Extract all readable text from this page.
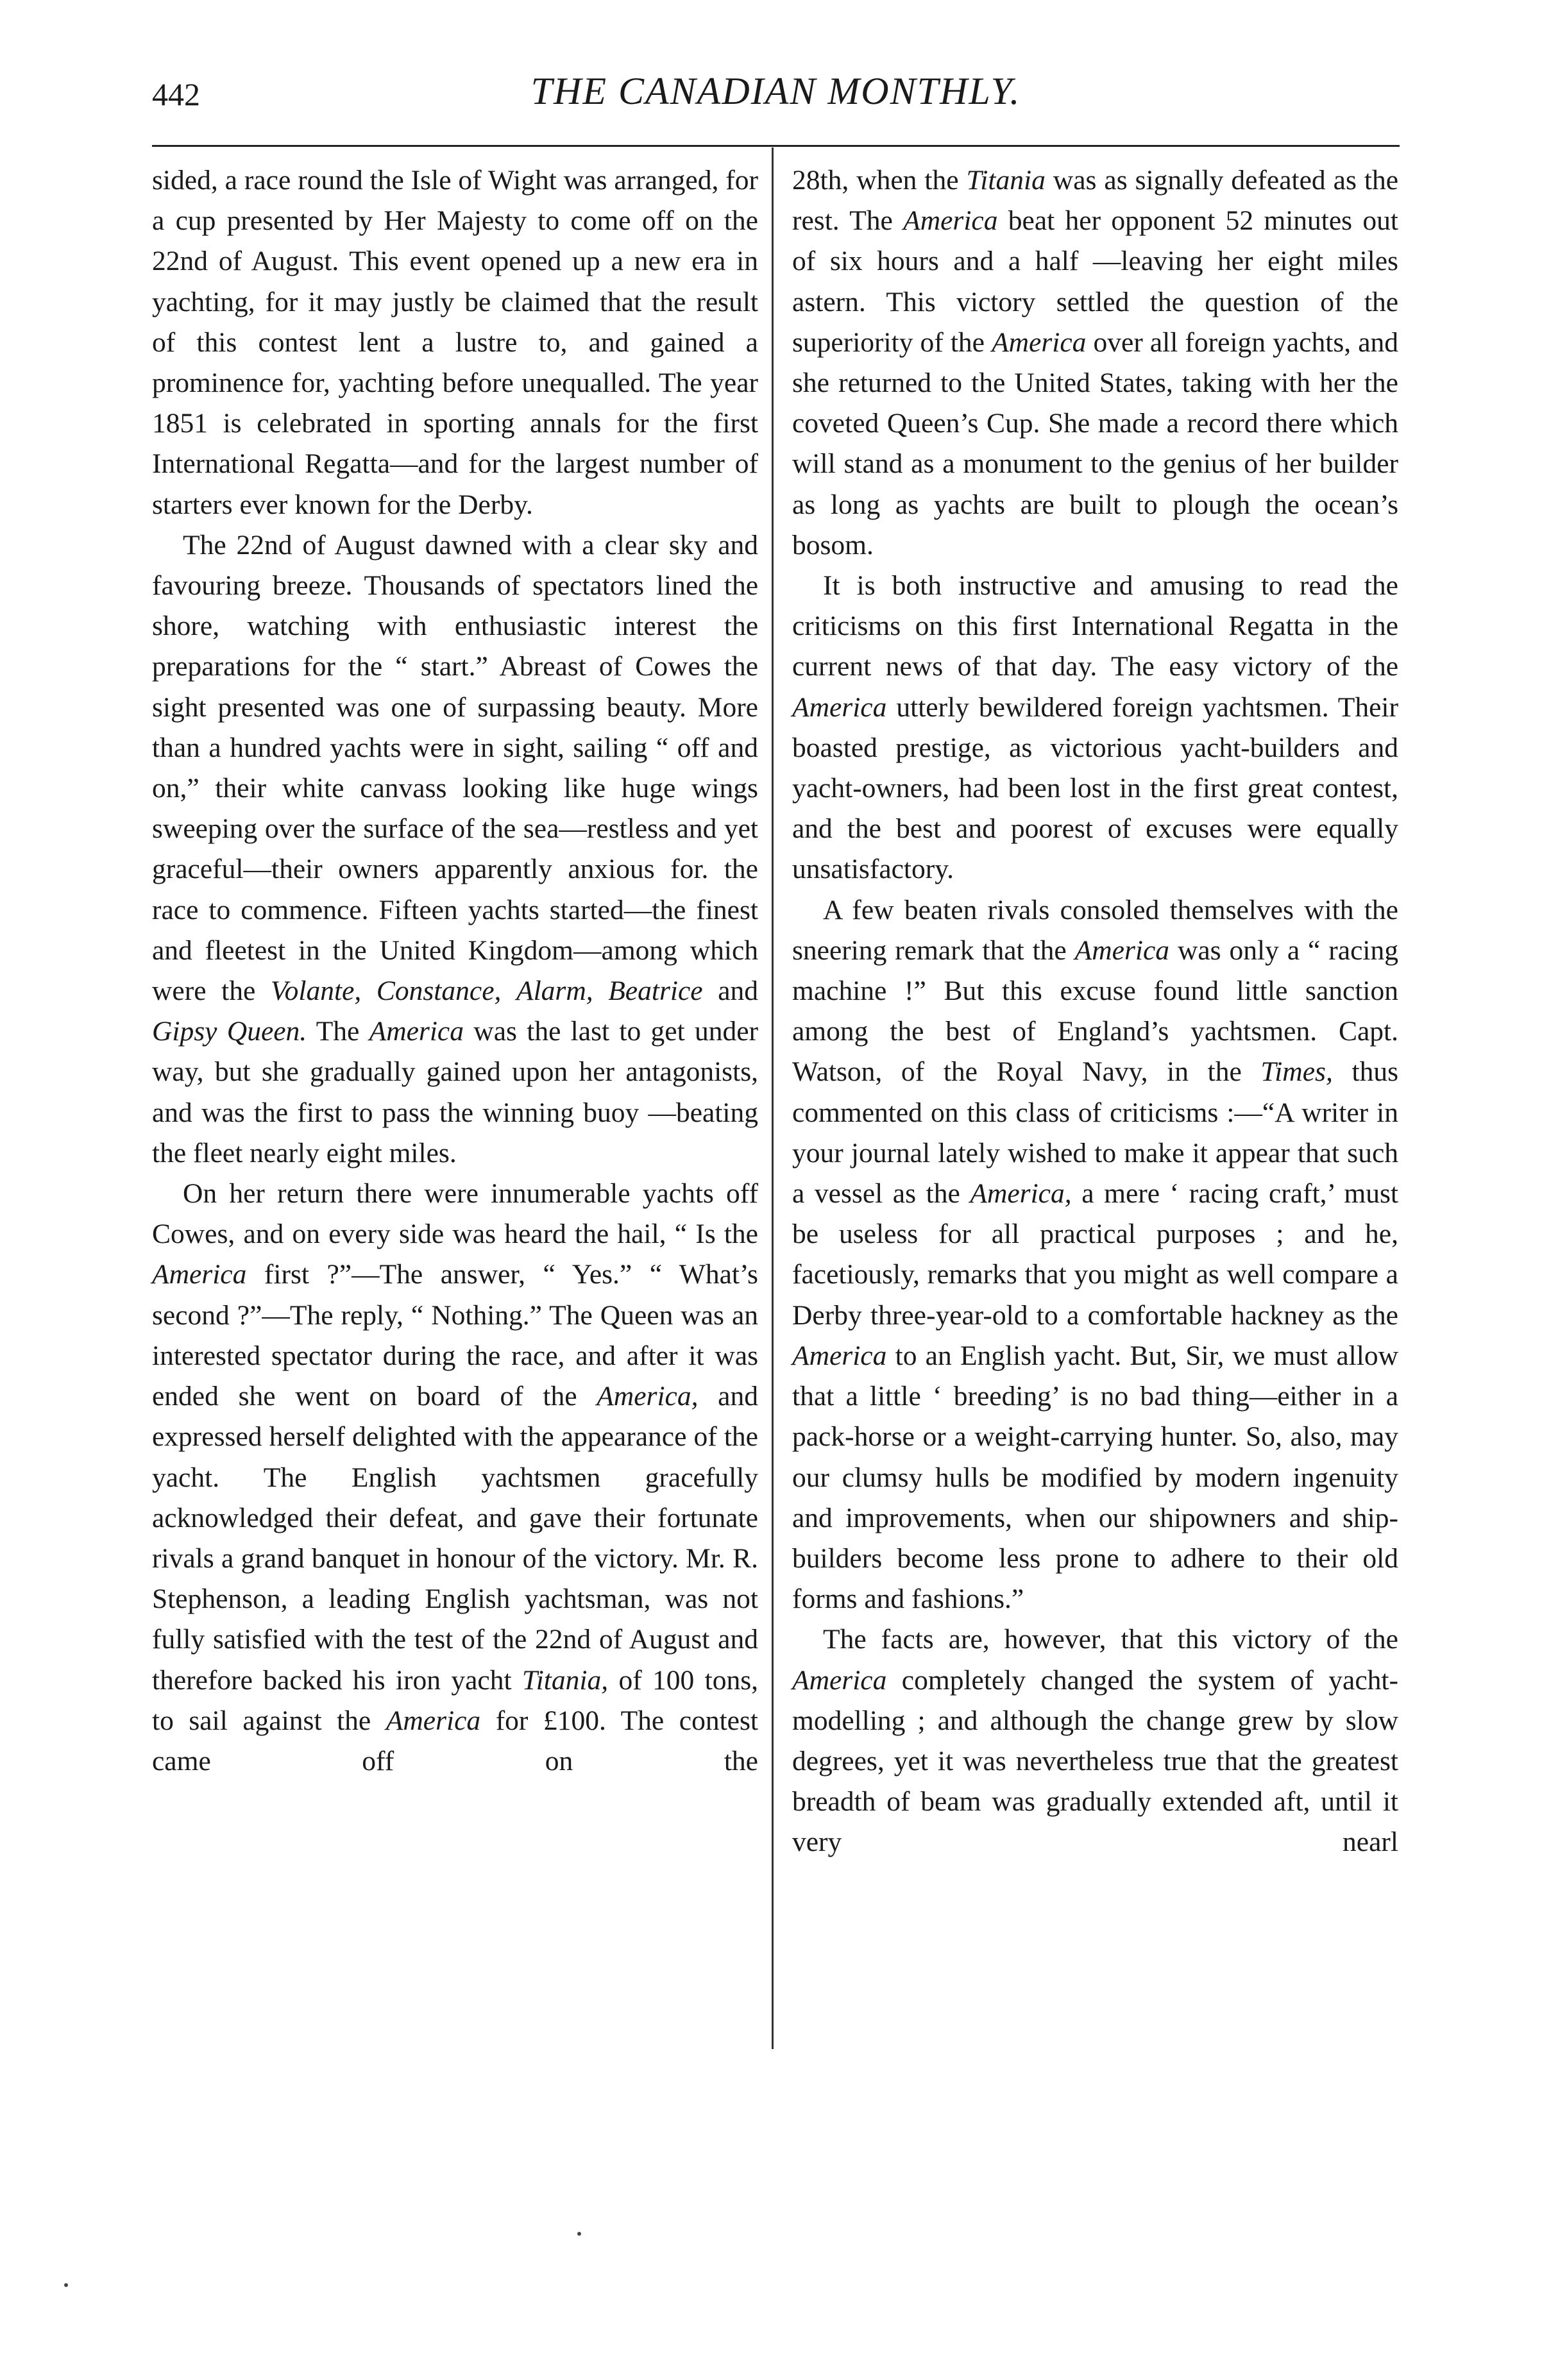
442	THE CANADIAN MONTHLY.

sided, a race round the Isle of Wight was arranged, for a cup presented by Her Majesty to come off on the 22nd of August. This event opened up a new era in yachting, for it may justly be claimed that the result of this contest lent a lustre to, and gained a prominence for, yachting before unequalled. The year 1851 is celebrated in sporting annals for the first International Regatta—and for the largest number of starters ever known for the Derby.

The 22nd of August dawned with a clear sky and favouring breeze. Thousands of spectators lined the shore, watching with enthusiastic interest the preparations for the “ start.” Abreast of Cowes the sight presented was one of surpassing beauty. More than a hundred yachts were in sight, sailing “ off and on,” their white canvass looking like huge wings sweeping over the surface of the sea—restless and yet graceful—their owners apparently anxious for. the race to commence. Fifteen yachts started—the finest and fleetest in the United Kingdom—among which were the Volante, Constance, Alarm, Beatrice and Gipsy Queen. The America was the last to get under way, but she gradually gained upon her antagonists, and was the first to pass the winning buoy —beating the fleet nearly eight miles.

On her return there were innumerable yachts off Cowes, and on every side was heard the hail, “ Is the America first ?”—The answer, “ Yes.” “ What’s second ?”—The reply, “ Nothing.” The Queen was an interested spectator during the race, and after it was ended she went on board of the America, and expressed herself delighted with the appearance of the yacht. The English yachtsmen gracefully acknowledged their defeat, and gave their fortunate rivals a grand banquet in honour of the victory. Mr. R. Stephenson, a leading English yachtsman, was not fully satisfied with the test of the 22nd of August and therefore backed his iron yacht Titania, of 100 tons, to sail against the America for £100. The contest came off on the

28th, when the Titania was as signally defeated as the rest. The America beat her opponent 52 minutes out of six hours and a half —leaving her eight miles astern. This victory settled the question of the superiority of the America over all foreign yachts, and she returned to the United States, taking with her the coveted Queen’s Cup. She made a record there which will stand as a monument to the genius of her builder as long as yachts are built to plough the ocean’s bosom.

It is both instructive and amusing to read the criticisms on this first International Regatta in the current news of that day. The easy victory of the America utterly bewildered foreign yachtsmen. Their boasted prestige, as victorious yacht-builders and yacht-owners, had been lost in the first great contest, and the best and poorest of excuses were equally unsatisfactory.

A few beaten rivals consoled themselves with the sneering remark that the America was only a “ racing machine !” But this excuse found little sanction among the best of England’s yachtsmen. Capt. Watson, of the Royal Navy, in the Times, thus commented on this class of criticisms :—“A writer in your journal lately wished to make it appear that such a vessel as the America, a mere ‘ racing craft,’ must be useless for all practical purposes ; and he, facetiously, remarks that you might as well compare a Derby three-year-old to a comfortable hackney as the America to an English yacht. But, Sir, we must allow that a little ‘ breeding’ is no bad thing—either in a pack-horse or a weight-carrying hunter. So, also, may our clumsy hulls be modified by modern ingenuity and improvements, when our shipowners and ship-builders become less prone to adhere to their old forms and fashions.”

The facts are, however, that this victory of the America completely changed the system of yacht-modelling ; and although the change grew by slow degrees, yet it was nevertheless true that the greatest breadth of beam was gradually extended aft, until it very nearl
